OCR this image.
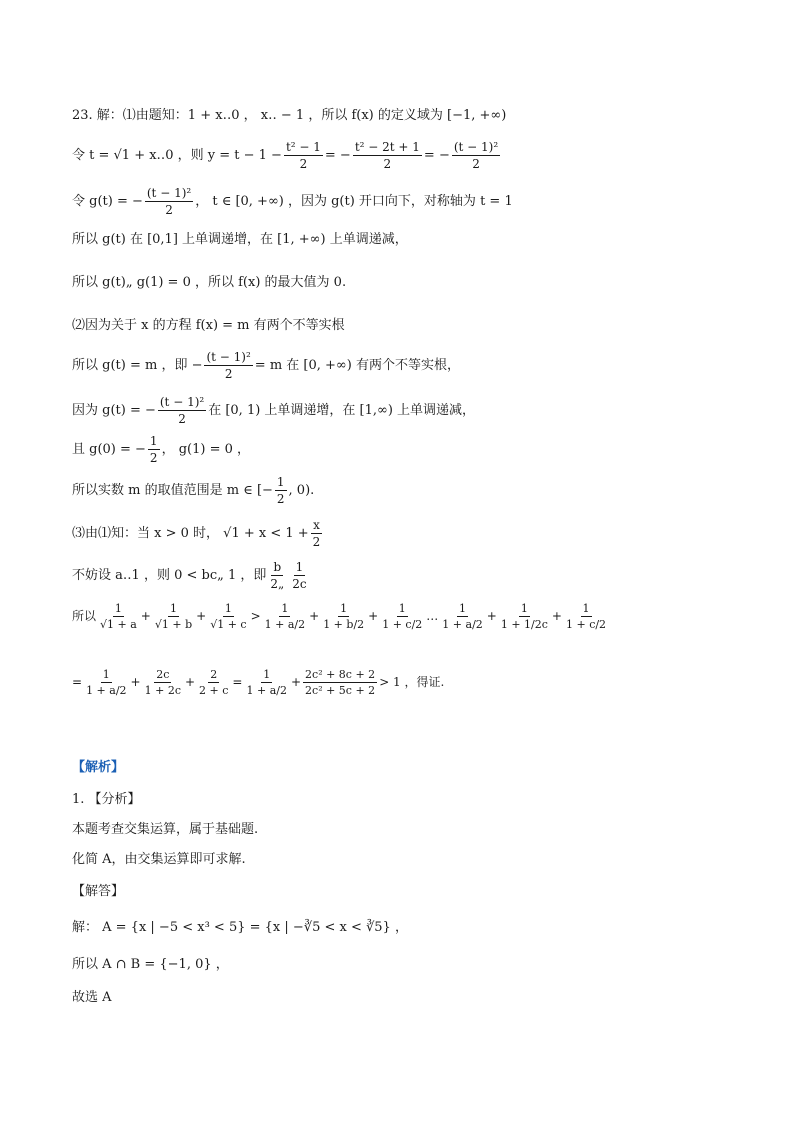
23. 解：⑴由题知：1 + x‥0 ， x‥ − 1 ，所以 f(x) 的定义域为 [−1, +∞)
令 t = √1 + x‥0 ，则 $y = t - 1 - \frac{\text{t² − 1}}{2}$ = − $\frac{\text{t² − 2t + 1}}{2}$ = − $\frac{\text{(t − 1)²}}{2}$
令 g(t) = − $\frac{\text{(t − 1)²}}{2}$ ， t ∈ [0, +∞) ，因为 g(t) 开口向下，对称轴为 t = 1
所以 g(t) 在 [0,1] 上单调递增，在 [1, +∞) 上单调递减，
所以 g(t)„ g(1) = 0 ，所以 f(x) 的最大值为 0.
⑵因为关于 x 的方程 f(x) = m 有两个不等实根
所以 g(t) = m ，即 − $\frac{\text{(t − 1)²}}{2} = m$ 在 [0, +∞) 有两个不等实根，
因为 g(t) = − $\frac{\text{(t − 1)²}}{2}$ 在 [0, 1) 上单调递增，在 [1,∞) 上单调递减，
且 g(0) = − $\frac{1}{2}$ ， g(1) = 0 ，
所以实数 m 的取值范围是 m ∈ [− $\frac{1}{2}$ , 0).
⑶由⑴知：当 x > 0 时， $√1 + x < 1 + \frac{x}{2}$
不妨设 a‥1 ，则 0 < bc„ 1 ，即 $\frac{b}{2„} \frac{1}{2c}$
所以 $\frac{1}{√1 + a} + \frac{1}{√1 + b} + \frac{1}{√1 + c} > \frac{1}{1 + a/2} + \frac{1}{1 + b/2} + \frac{1}{1 + c/2}$ … $\frac{1}{1 + a/2} + \frac{1}{1 + 1/2c} + \frac{1}{1 + c/2}$
= $\frac{1}{1 + a/2} + \frac{2c}{1 + 2c} + \frac{2}{2 + c} = \frac{1}{1 + a/2} + \frac{\text{2c² + 8c + 2}}{\text{2c² + 5c + 2}} > 1$ ，得证.
【解析】
1. 【分析】
本题考查交集运算，属于基础题.
化简 A，由交集运算即可求解.
【解答】
解： A = {x | −5 < x³ < 5} = {x | −∛5 < x < ∛5} ，
所以 A ∩ B = {−1, 0} ，
故选 A
